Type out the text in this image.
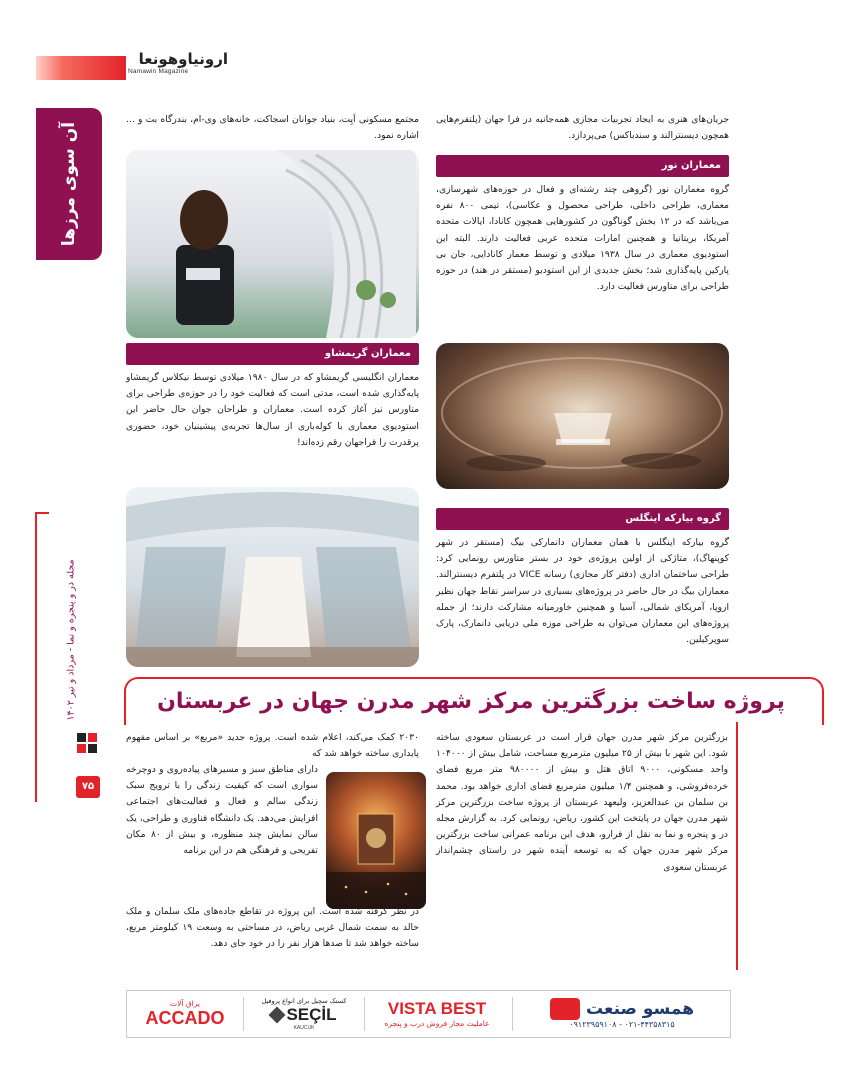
ارونیاوهونعا
Namawin Magazine
آن سوی مرزها
مجله در و پنجره و نما - مرداد و تیر ۱۴۰۲
۷۵
جریان‌های هنری به ایجاد تجربیات مجازی همه‌جانبه در فرا جهان (پلتفرم‌هایی همچون دیسنترالند و سندباکس) می‌پردازد.
معماران نور
گروه معماران نور (گروهی چند رشته‌ای و فعال در حوزه‌های شهرسازی، معماری، طراحی داخلی، طراحی محصول و عکاسی)، تیمی ۸۰۰ نفره می‌باشد که در ۱۲ بخش گوناگون در کشورهایی همچون کانادا، ایالات متحده آمریکا، بریتانیا و همچنین امارات متحده عربی فعالیت دارند. البته این استودیوی معماری در سال ۱۹۳۸ میلادی و توسط معمار کانادایی، جان بی پارکین پایه‌گذاری شد؛ بخش جدیدی از این استودیو (مستقر در هند) در حوزه طراحی برای متاورس فعالیت دارد.
گروه بیارکه اینگلس
گروه بیارکه اینگلس با همان معماران دانمارکی بیگ (مستقر در شهر کوپنهاگ)، متاژکی از اولین پروژه‌ی خود در بستر متاورس رونمایی کرد: طراحی ساختمان اداری (دفتر کار مجازی) رسانه VICE در پلتفرم دیسنترالند. معماران بیگ در حال حاضر در پروژه‌های بسیاری در سراسر نقاط جهان نظیر اروپا، آمریکای شمالی، آسیا و همچنین خاورمیانه مشارکت دارند؛ از جمله پروژه‌های این معماران می‌توان به طراحی موزه ملی دریایی دانمارک، پارک سوپرکیلین.
مجتمع مسکونی اَیِت، بنیاد جوانان اسجاکت، خانه‌های وی-ام، بندرگاه بت و ... اشاره نمود.
معماران گریمشاو
معماران انگلیسی گریمشاو که در سال ۱۹۸۰ میلادی توسط نیکلاس گریمشاو پایه‌گذاری شده است، مدتی است که فعالیت خود را در حوزه‌ی طراحی برای متاورس نیز آغاز کرده است. معماران و طراحان جوان حال حاضر این استودیوی معماری با کوله‌باری از سال‌ها تجربه‌ی پیشینیان خود، حضوری پرقدرت را فراجهان رقم زده‌اند!
پروژه ساخت بزرگترین مرکز شهر مدرن جهان در عربستان
بزرگترین مرکز شهر مدرن جهان قرار است در عربستان سعودی ساخته شود. این شهر با بیش از ۲۵ میلیون مترمربع مساحت، شامل بیش از ۱۰۴۰۰۰ واحد مسکونی، ۹۰۰۰ اتاق هتل و بیش از ۹۸۰۰۰۰ متر مربع فضای خرده‌فروشی، و همچنین ۱/۴ میلیون مترمربع فضای اداری خواهد بود. محمد بن سلمان بن عبدالعزیز، ولیعهد عربستان از پروژه ساخت بزرگترین مرکز شهر مدرن جهان در پایتخت این کشور، ریاض، رونمایی کرد. به گزارش مجله در و پنجره و نما به نقل از فرارو، هدف این برنامه عمرانی ساخت بزرگترین مرکز شهر مدرن جهان که به توسعه آینده شهر در راستای چشم‌انداز عربستان سعودی
۲۰۳۰ کمک می‌کند، اعلام شده است. پروژه جدید «مربع» بر اساس مفهوم پایداری ساخته خواهد شد که
دارای مناطق سبز و مسیرهای پیاده‌روی و دوچرخه سواری است که کیفیت زندگی را با ترویج سبک زندگی سالم و فعال و فعالیت‌های اجتماعی افزایش می‌دهد. یک دانشگاه فناوری و طراحی، یک سالن نمایش چند منظوره، و بیش از ۸۰ مکان تفریحی و فرهنگی هم در این برنامه
در نظر گرفته شده است. این پروژه در تقاطع جاده‌های ملک سلمان و ملک خالد به سمت شمال غربی ریاض، در مساحتی به وسعت ۱۹ کیلومتر مربع، ساخته خواهد شد تا صدها هزار نفر را در خود جای دهد.
همسو صنعت
۰۹۱۲۳۹۵۹۱۰۸ - ۰۲۱-۴۴۳۵۸۳۱۵
VISTA BEST
عاملیت مجاز فروش درب و پنجره
کستک سچیل برای انواع پروفیل
SEÇİL
KAUCUK
یراق آلات
ACCADO
